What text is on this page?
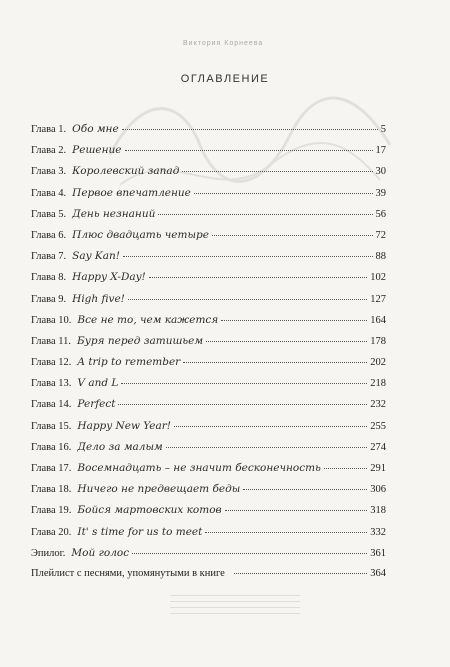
Виктория Корнеева
ОГЛАВЛЕНИЕ
Глава 1. Обо мне	5
Глава 2. Решение	17
Глава 3. Королевский запад	30
Глава 4. Первое впечатление	39
Глава 5. День незнаний	56
Глава 6. Плюс двадцать четыре	72
Глава 7. Say Kan!	88
Глава 8. Happy X-Day!	102
Глава 9. High five!	127
Глава 10. Все не то, чем кажется	164
Глава 11. Буря перед затишьем	178
Глава 12. A trip to remember	202
Глава 13. V and L	218
Глава 14. Perfect	232
Глава 15. Happy New Year!	255
Глава 16. Дело за малым	274
Глава 17. Восемнадцать – не значит бесконечность	291
Глава 18. Ничего не предвещает беды	306
Глава 19. Бойся мартовских котов	318
Глава 20. It' s time for us to meet	332
Эпилог. Мой голос	361
Плейлист с песнями, упомянутыми в книге	364
